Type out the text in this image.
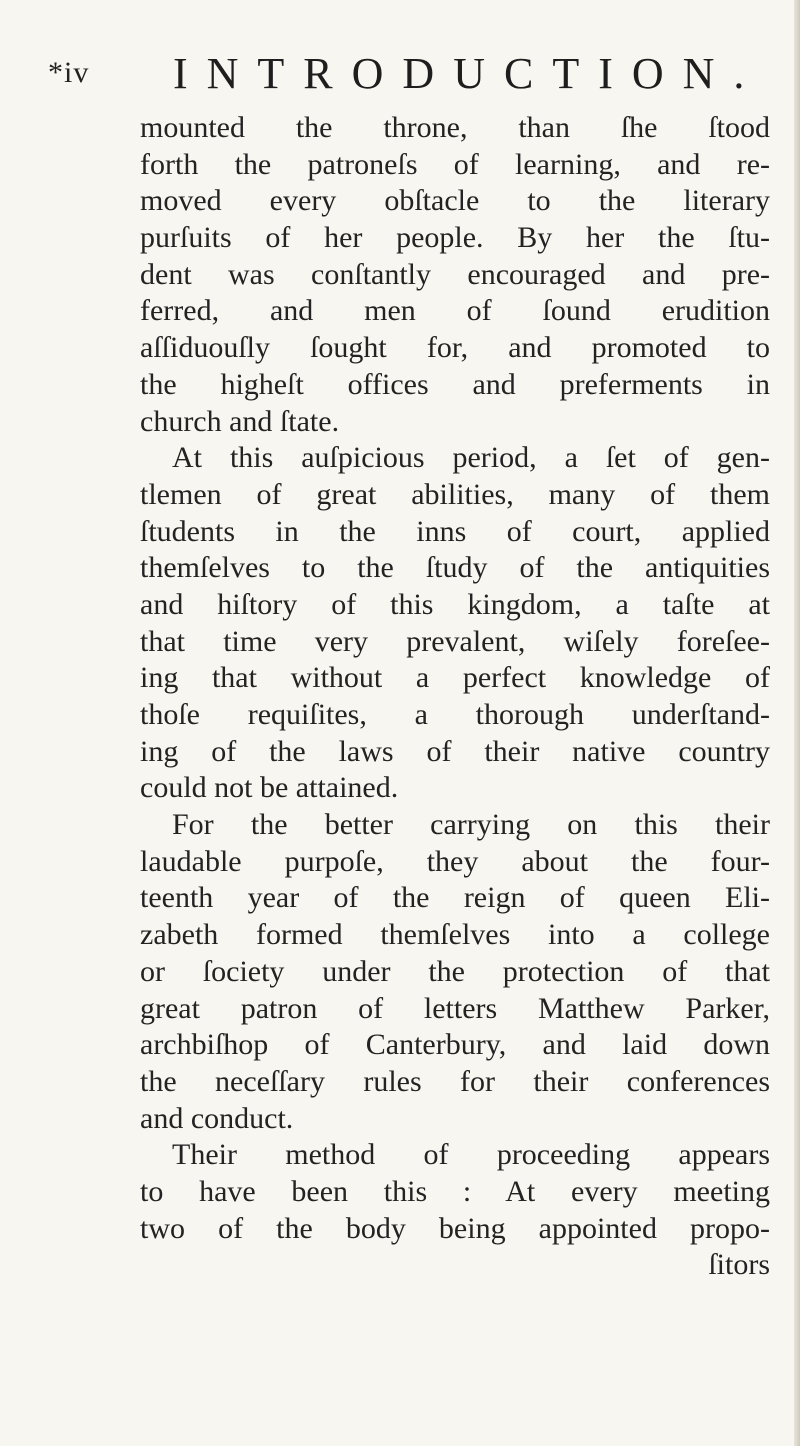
*iv INTRODUCTION.
mounted the throne, than ſhe ſtood
forth the patroneſs of learning, and re-
moved every obſtacle to the literary
purſuits of her people. By her the ſtu-
dent was conſtantly encouraged and pre-
ferred, and men of ſound erudition
aſſiduouſly ſought for, and promoted to
the higheſt offices and preferments in
church and ſtate.
At this auſpicious period, a ſet of gen-
tlemen of great abilities, many of them
ſtudents in the inns of court, applied
themſelves to the ſtudy of the antiquities
and hiſtory of this kingdom, a taſte at
that time very prevalent, wiſely foreſee-
ing that without a perfect knowledge of
thoſe requiſites, a thorough underſtand-
ing of the laws of their native country
could not be attained.
For the better carrying on this their
laudable purpoſe, they about the four-
teenth year of the reign of queen Eli-
zabeth formed themſelves into a college
or ſociety under the protection of that
great patron of letters Matthew Parker,
archbiſhop of Canterbury, and laid down
the neceſſary rules for their conferences
and conduct.
Their method of proceeding appears
to have been this : At every meeting
two of the body being appointed propo-
ſitors
